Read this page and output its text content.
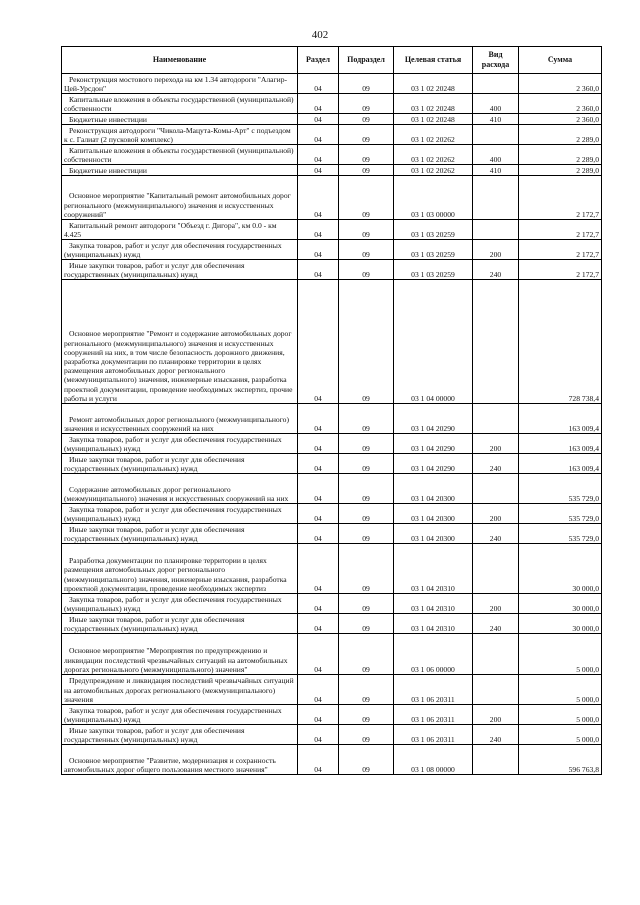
402
Наименование	Раздел	Подраздел	Целевая статья	Вид расхода	Сумма
Реконструкция мостового перехода на км 1.34 автодороги "Алагир-Цей-Урсдон"	04	09	03 1 02 20248		2 360,0
Капитальные вложения в объекты государственной (муниципальной) собственности	04	09	03 1 02 20248	400	2 360,0
Бюджетные инвестиции	04	09	03 1 02 20248	410	2 360,0
Реконструкция автодороги "Чикола-Мацута-Комы-Арт" с подъездом к с. Галиат (2 пусковой комплекс)	04	09	03 1 02 20262		2 289,0
Капитальные вложения в объекты государственной (муниципальной) собственности	04	09	03 1 02 20262	400	2 289,0
Бюджетные инвестиции	04	09	03 1 02 20262	410	2 289,0
Основное мероприятие "Капитальный ремонт автомобильных дорог регионального (межмуниципального) значения и искусственных сооружений"	04	09	03 1 03 00000		2 172,7
Капитальный ремонт автодороги "Объезд г. Дигора", км 0.0 - км 4.425	04	09	03 1 03 20259		2 172,7
Закупка товаров, работ и услуг для обеспечения государственных (муниципальных) нужд	04	09	03 1 03 20259	200	2 172,7
Иные закупки товаров, работ и услуг для обеспечения государственных (муниципальных) нужд	04	09	03 1 03 20259	240	2 172,7
Основное мероприятие "Ремонт и содержание автомобильных дорог регионального (межмуниципального) значения и искусственных сооружений на них, в том числе безопасность дорожного движения, разработка документации по планировке территории в целях размещения автомобильных дорог регионального (межмуниципального) значения, инженерные изыскания, разработка проектной документации, проведение необходимых экспертиз, прочие работы и услуги	04	09	03 1 04 00000		728 738,4
Ремонт автомобильных дорог регионального (межмуниципального) значения и искусственных сооружений на них	04	09	03 1 04 20290		163 009,4
Закупка товаров, работ и услуг для обеспечения государственных (муниципальных) нужд	04	09	03 1 04 20290	200	163 009,4
Иные закупки товаров, работ и услуг для обеспечения государственных (муниципальных) нужд	04	09	03 1 04 20290	240	163 009,4
Содержание автомобильных дорог регионального (межмуниципального) значения и искусственных сооружений на них	04	09	03 1 04 20300		535 729,0
Закупка товаров, работ и услуг для обеспечения государственных (муниципальных) нужд	04	09	03 1 04 20300	200	535 729,0
Иные закупки товаров, работ и услуг для обеспечения государственных (муниципальных) нужд	04	09	03 1 04 20300	240	535 729,0
Разработка документации по планировке территории в целях размещения автомобильных дорог регионального (межмуниципального) значения, инженерные изыскания, разработка проектной документации, проведение необходимых экспертиз	04	09	03 1 04 20310		30 000,0
Закупка товаров, работ и услуг для обеспечения государственных (муниципальных) нужд	04	09	03 1 04 20310	200	30 000,0
Иные закупки товаров, работ и услуг для обеспечения государственных (муниципальных) нужд	04	09	03 1 04 20310	240	30 000,0
Основное мероприятие "Мероприятия по предупреждению и ликвидации последствий чрезвычайных ситуаций на автомобильных дорогах регионального (межмуниципального) значения"	04	09	03 1 06 00000		5 000,0
Предупреждение и ликвидация последствий чрезвычайных ситуаций на автомобильных дорогах регионального (межмуниципального) значения	04	09	03 1 06 20311		5 000,0
Закупка товаров, работ и услуг для обеспечения государственных (муниципальных) нужд	04	09	03 1 06 20311	200	5 000,0
Иные закупки товаров, работ и услуг для обеспечения государственных (муниципальных) нужд	04	09	03 1 06 20311	240	5 000,0
Основное мероприятие "Развитие, модернизация и сохранность автомобильных дорог общего пользования местного значения"	04	09	03 1 08 00000		596 763,8
